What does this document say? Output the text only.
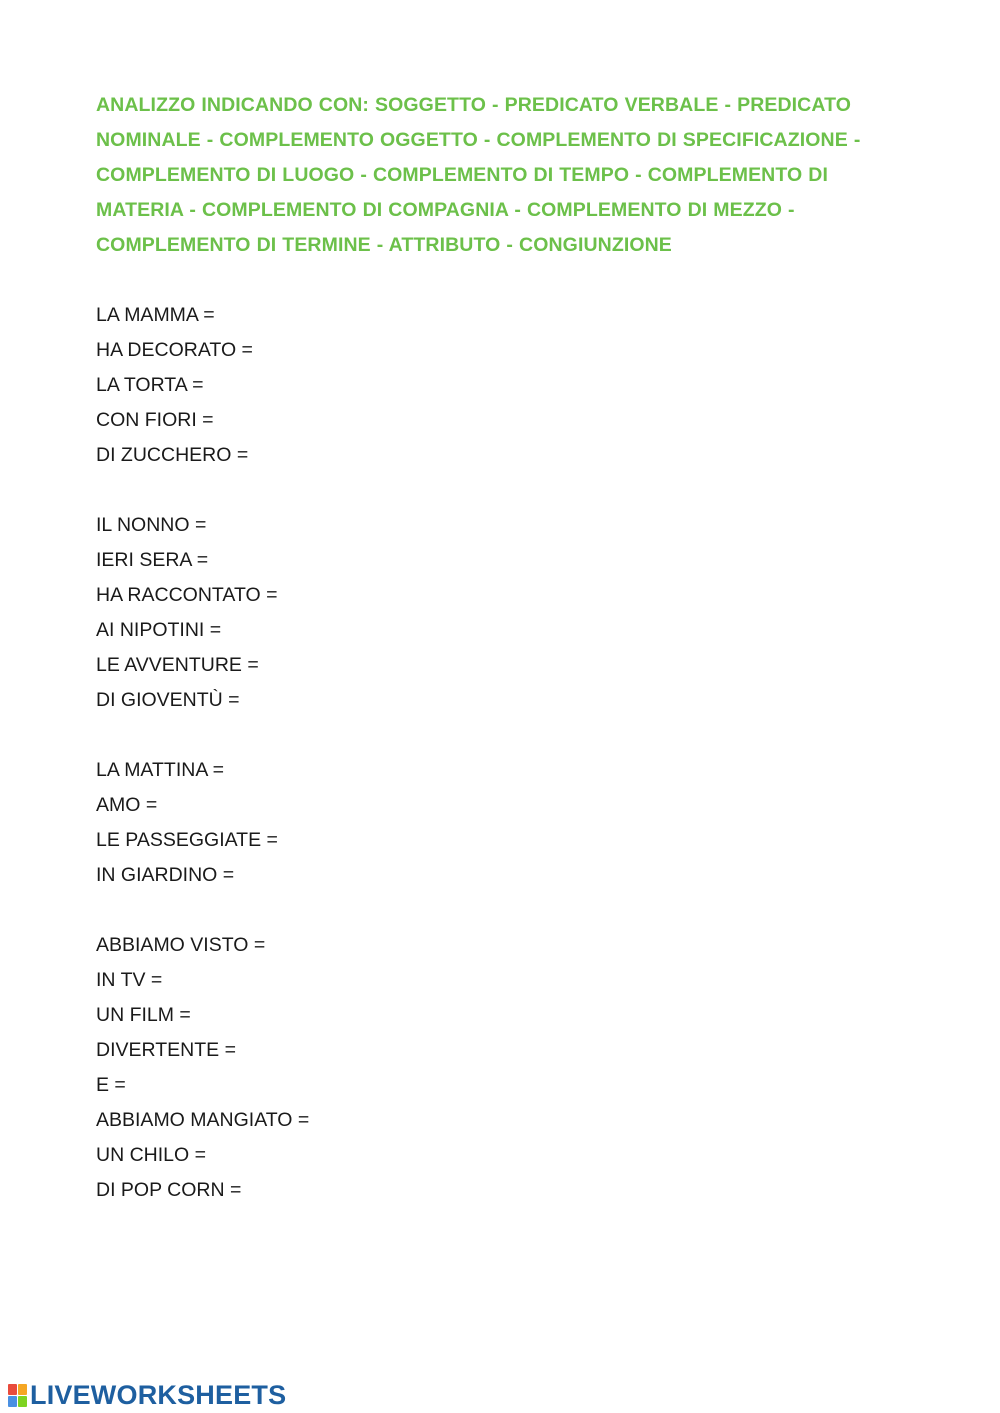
ANALIZZO INDICANDO CON: SOGGETTO - PREDICATO VERBALE - PREDICATO NOMINALE - COMPLEMENTO OGGETTO - COMPLEMENTO DI SPECIFICAZIONE - COMPLEMENTO DI LUOGO - COMPLEMENTO DI TEMPO - COMPLEMENTO DI MATERIA - COMPLEMENTO DI COMPAGNIA - COMPLEMENTO DI MEZZO - COMPLEMENTO DI TERMINE - ATTRIBUTO - CONGIUNZIONE

LA MAMMA =
HA DECORATO =
LA TORTA =
CON FIORI =
DI ZUCCHERO =
IL NONNO =
IERI SERA =
HA RACCONTATO =
AI NIPOTINI =
LE AVVENTURE =
DI GIOVENTÙ =
LA MATTINA =
AMO =
LE PASSEGGIATE =
IN GIARDINO =
ABBIAMO VISTO =
IN TV =
UN FILM =
DIVERTENTE =
E =
ABBIAMO MANGIATO =
UN CHILO =
DI POP CORN =
LIVEWORKSHEETS
